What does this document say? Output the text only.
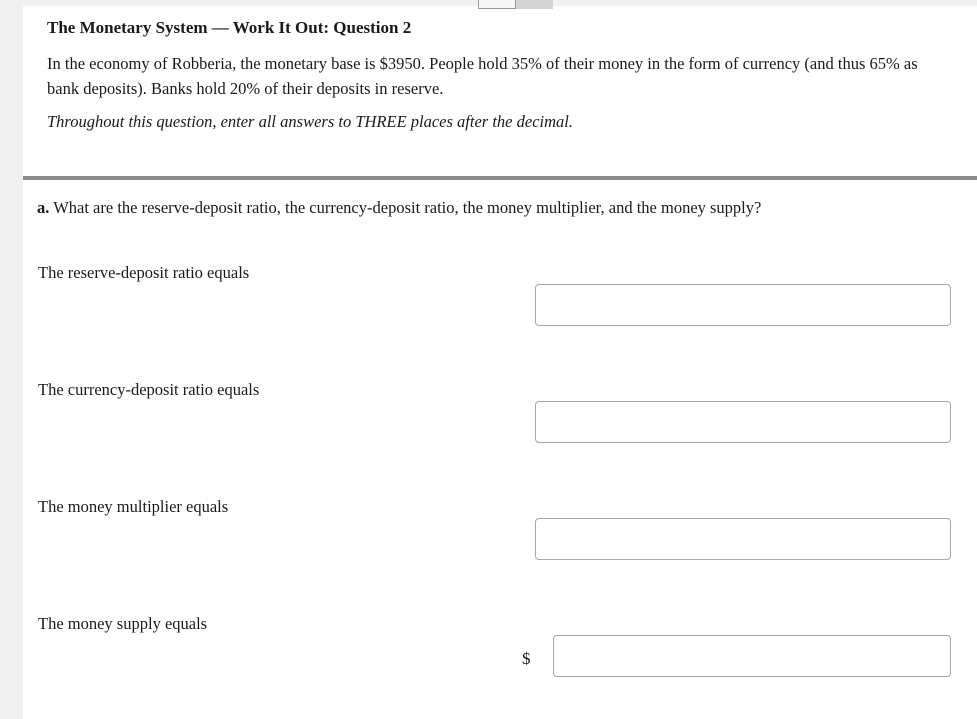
The Monetary System — Work It Out: Question 2

In the economy of Robberia, the monetary base is $3950. People hold 35% of their money in the form of currency (and thus 65% as bank deposits). Banks hold 20% of their deposits in reserve.

Throughout this question, enter all answers to THREE places after the decimal.

a. What are the reserve-deposit ratio, the currency-deposit ratio, the money multiplier, and the money supply?

The reserve-deposit ratio equals
The currency-deposit ratio equals
The money multiplier equals
The money supply equals
$
